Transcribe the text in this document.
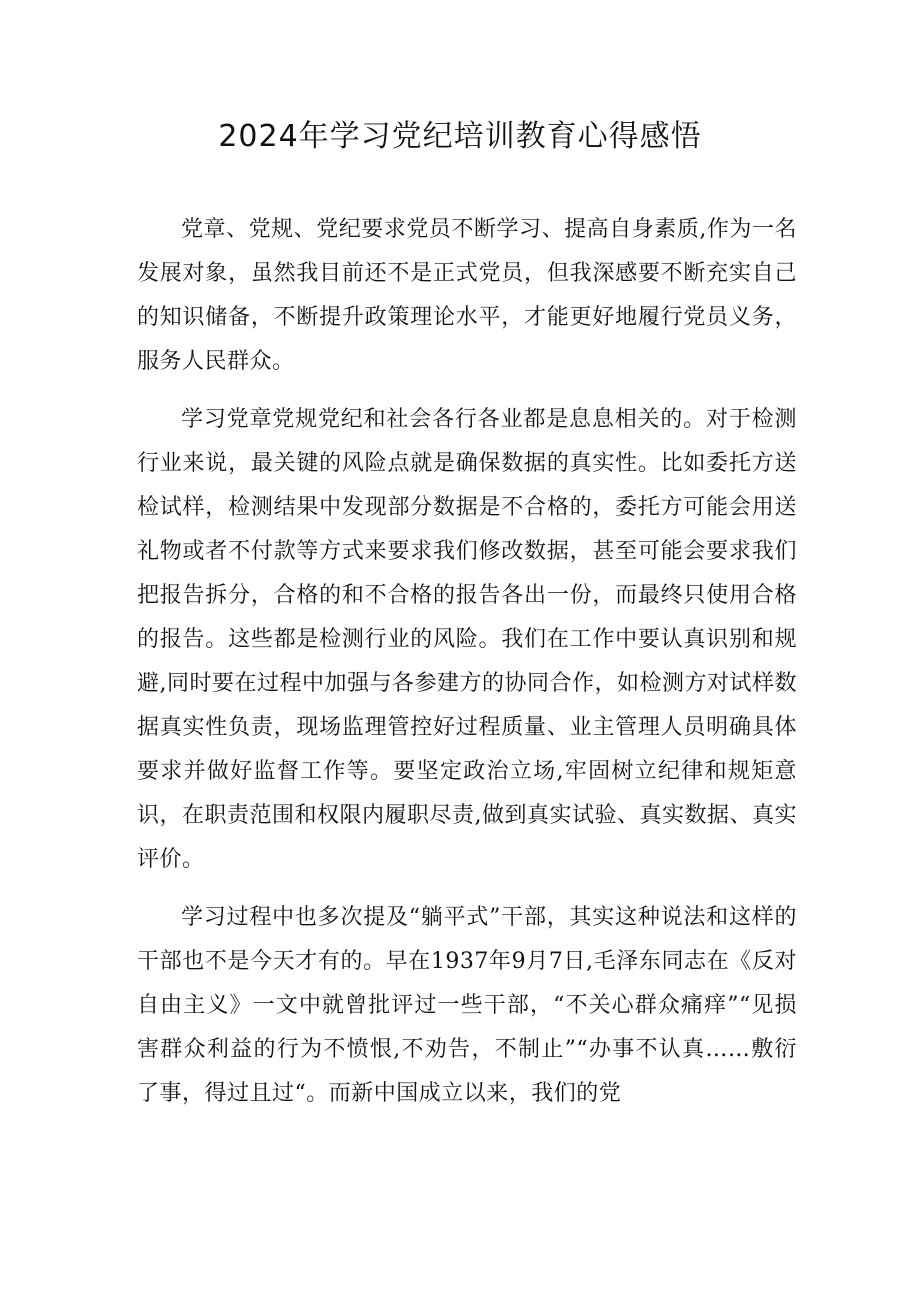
2024年学习党纪培训教育心得感悟

党章、党规、党纪要求党员不断学习、提高自身素质,作为一名发展对象，虽然我目前还不是正式党员，但我深感要不断充实自己的知识储备，不断提升政策理论水平，才能更好地履行党员义务，服务人民群众。

学习党章党规党纪和社会各行各业都是息息相关的。对于检测行业来说，最关键的风险点就是确保数据的真实性。比如委托方送检试样，检测结果中发现部分数据是不合格的，委托方可能会用送礼物或者不付款等方式来要求我们修改数据，甚至可能会要求我们把报告拆分，合格的和不合格的报告各出一份，而最终只使用合格的报告。这些都是检测行业的风险。我们在工作中要认真识别和规避,同时要在过程中加强与各参建方的协同合作，如检测方对试样数据真实性负责，现场监理管控好过程质量、业主管理人员明确具体要求并做好监督工作等。要坚定政治立场,牢固树立纪律和规矩意识，在职责范围和权限内履职尽责,做到真实试验、真实数据、真实评价。

学习过程中也多次提及“躺平式”干部，其实这种说法和这样的干部也不是今天才有的。早在1937年9月7日,毛泽东同志在《反对自由主义》一文中就曾批评过一些干部，“不关心群众痛痒”“见损害群众利益的行为不愤恨,不劝告，不制止”“办事不认真……敷衍了事，得过且过“。而新中国成立以来，我们的党
